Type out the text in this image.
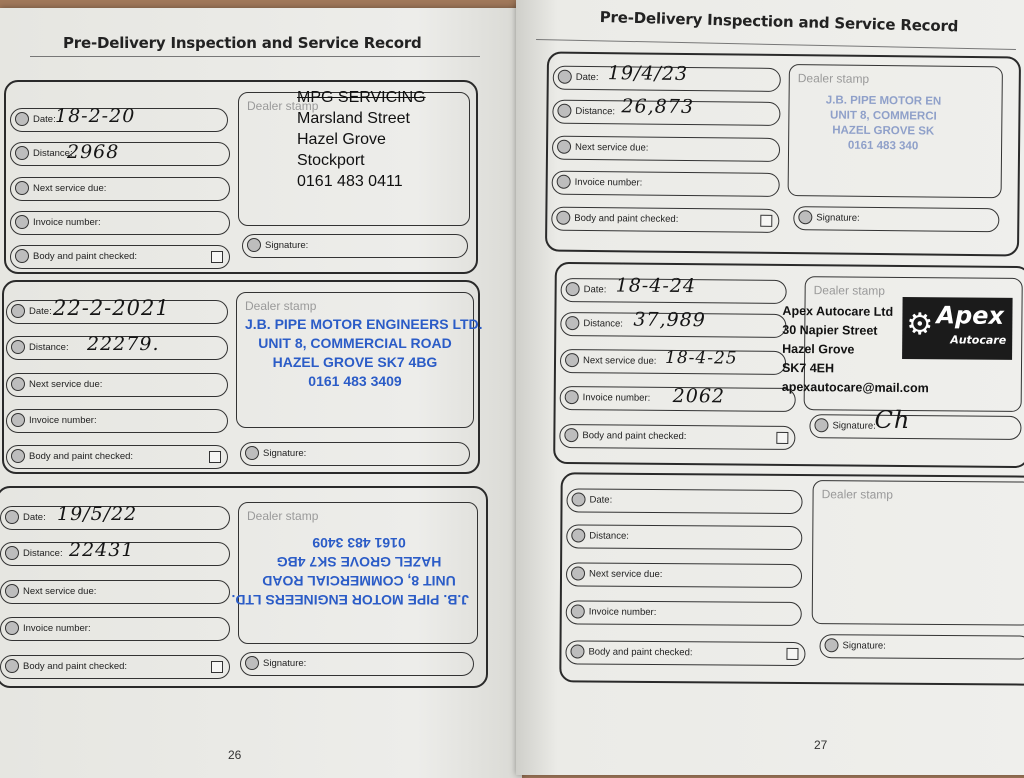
Pre-Delivery Inspection and Service Record
Date: 18-2-20
Distance:
2968
Next service due:
Invoice number:
Body and paint checked:
Dealer stamp
MPG SERVICING
Marsland Street
Hazel Grove
Stockport
0161 483 0411
Signature:
Date: 22-2-2021
Distance: 22279.
Next service due:
Invoice number:
Body and paint checked:
Dealer stamp
J.B. PIPE MOTOR ENGINEERS LTD.
UNIT 8, COMMERCIAL ROAD
HAZEL GROVE SK7 4BG
0161 483 3409
Signature:
Date: 19/5/22
Distance: 22431
Next service due:
Invoice number:
Body and paint checked:
Dealer stamp
J.B. PIPE MOTOR ENGINEERS LTD.
UNIT 8, COMMERCIAL ROAD
HAZEL GROVE SK7 4BG
0161 483 3409
Signature:
26
Pre-Delivery Inspection and Service Record
Date: 19/4/23
Distance: 26,873
Next service due:
Invoice number:
Body and paint checked:
Dealer stamp
J.B. PIPE MOTOR EN
UNIT 8, COMMERCI
HAZEL GROVE SK
0161 483 340
Signature:
Date: 18-4-24
Distance: 37,989
Next service due: 18-4-25
Invoice number: 2062
Body and paint checked:
Dealer stamp
Apex Autocare Ltd
30 Napier Street
Hazel Grove
SK7 4EH
apexautocare@mail.com
⚙ Apex
Autocare
Signature:
Ch
Date:
Distance:
Next service due:
Invoice number:
Body and paint checked:
Dealer stamp
Signature:
27
